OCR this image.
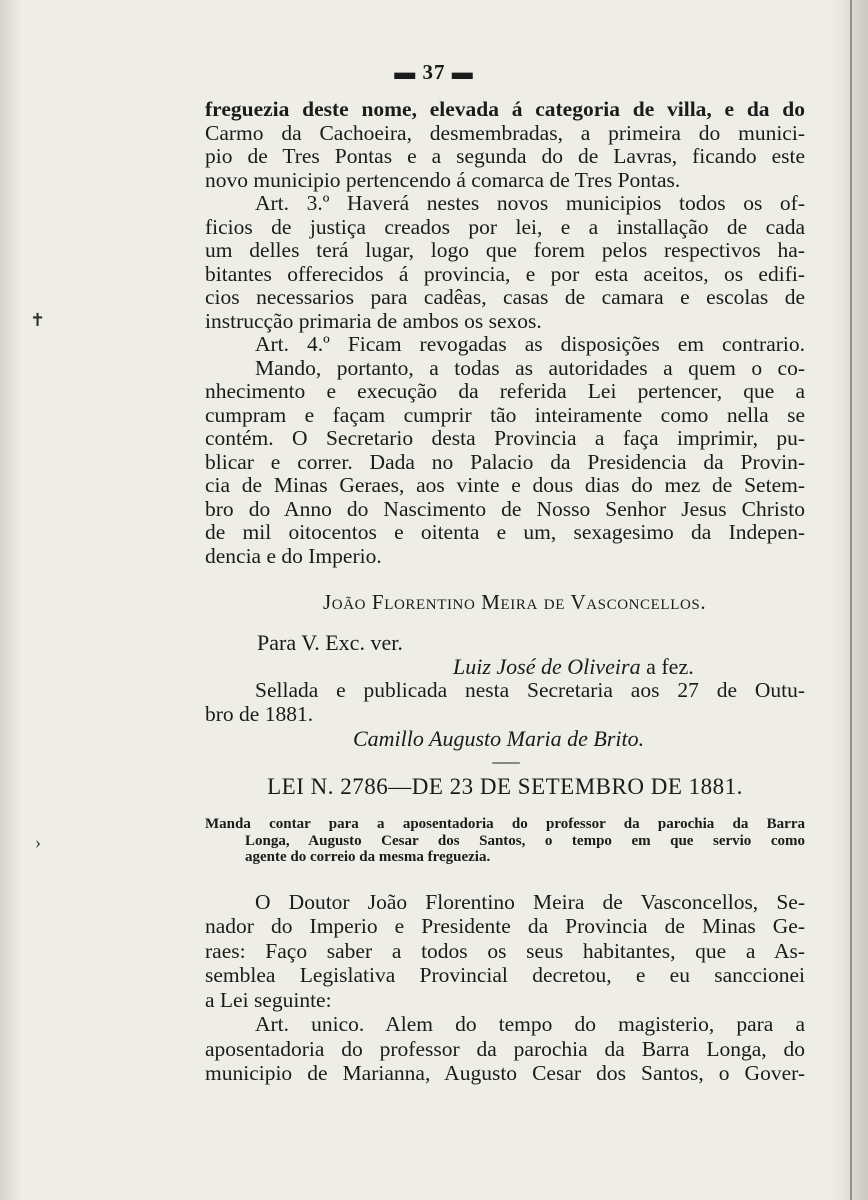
✝
›
▬ 37 ▬
freguezia deste nome, elevada á categoria de villa, e da do
Carmo da Cachoeira, desmembradas, a primeira do munici-
pio de Tres Pontas e a segunda do de Lavras, ficando este
novo municipio pertencendo á comarca de Tres Pontas.
Art. 3.º Haverá nestes novos municipios todos os of-
ficios de justiça creados por lei, e a installação de cada
um delles terá lugar, logo que forem pelos respectivos ha-
bitantes offerecidos á provincia, e por esta aceitos, os edifi-
cios necessarios para cadêas, casas de camara e escolas de
instrucção primaria de ambos os sexos.
Art. 4.º Ficam revogadas as disposições em contrario.
Mando, portanto, a todas as autoridades a quem o co-
nhecimento e execução da referida Lei pertencer, que a
cumpram e façam cumprir tão inteiramente como nella se
contém. O Secretario desta Provincia a faça imprimir, pu-
blicar e correr. Dada no Palacio da Presidencia da Provin-
cia de Minas Geraes, aos vinte e dous dias do mez de Setem-
bro do Anno do Nascimento de Nosso Senhor Jesus Christo
de mil oitocentos e oitenta e um, sexagesimo da Indepen-
dencia e do Imperio.
João Florentino Meira de Vasconcellos.
Para V. Exc. ver.
Luiz José de Oliveira a fez.
Sellada e publicada nesta Secretaria aos 27 de Outu-
bro de 1881.
Camillo Augusto Maria de Brito.
— —
LEI N. 2786—DE 23 DE SETEMBRO DE 1881.
Manda contar para a aposentadoria do professor da parochia da Barra
Longa, Augusto Cesar dos Santos, o tempo em que servio como
agente do correio da mesma freguezia.
O Doutor João Florentino Meira de Vasconcellos, Se-
nador do Imperio e Presidente da Provincia de Minas Ge-
raes: Faço saber a todos os seus habitantes, que a As-
semblea Legislativa Provincial decretou, e eu sanccionei
a Lei seguinte:
Art. unico. Alem do tempo do magisterio, para a
aposentadoria do professor da parochia da Barra Longa, do
municipio de Marianna, Augusto Cesar dos Santos, o Gover-
